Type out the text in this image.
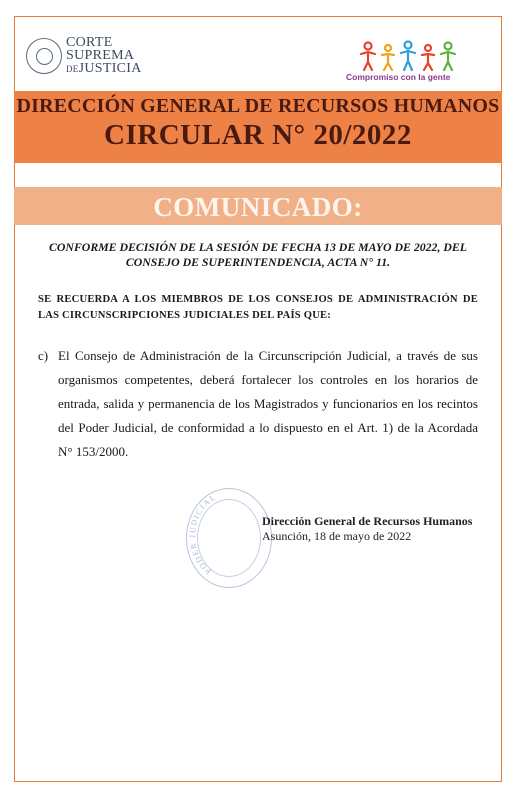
CORTE
SUPREMA
DEJUSTICIA
Compromiso con la gente
DIRECCIÓN GENERAL DE RECURSOS HUMANOS
CIRCULAR N° 20/2022
COMUNICADO:
CONFORME DECISIÓN DE LA SESIÓN DE FECHA 13 DE MAYO DE 2022, DEL CONSEJO DE SUPERINTENDENCIA, ACTA N° 11.
SE RECUERDA A LOS MIEMBROS DE LOS CONSEJOS DE ADMINISTRACIÓN DE LAS CIRCUNSCRIPCIONES JUDICIALES DEL PAÍS QUE:
c) El Consejo de Administración de la Circunscripción Judicial, a través de sus organismos competentes, deberá fortalecer los controles en los horarios de entrada, salida y permanencia de los Magistrados y funcionarios en los recintos del Poder Judicial, de conformidad a lo dispuesto en el Art. 1) de la Acordada N° 153/2000.
PODER JUDICIAL
Dirección General de Recursos Humanos
Asunción, 18 de mayo de 2022
